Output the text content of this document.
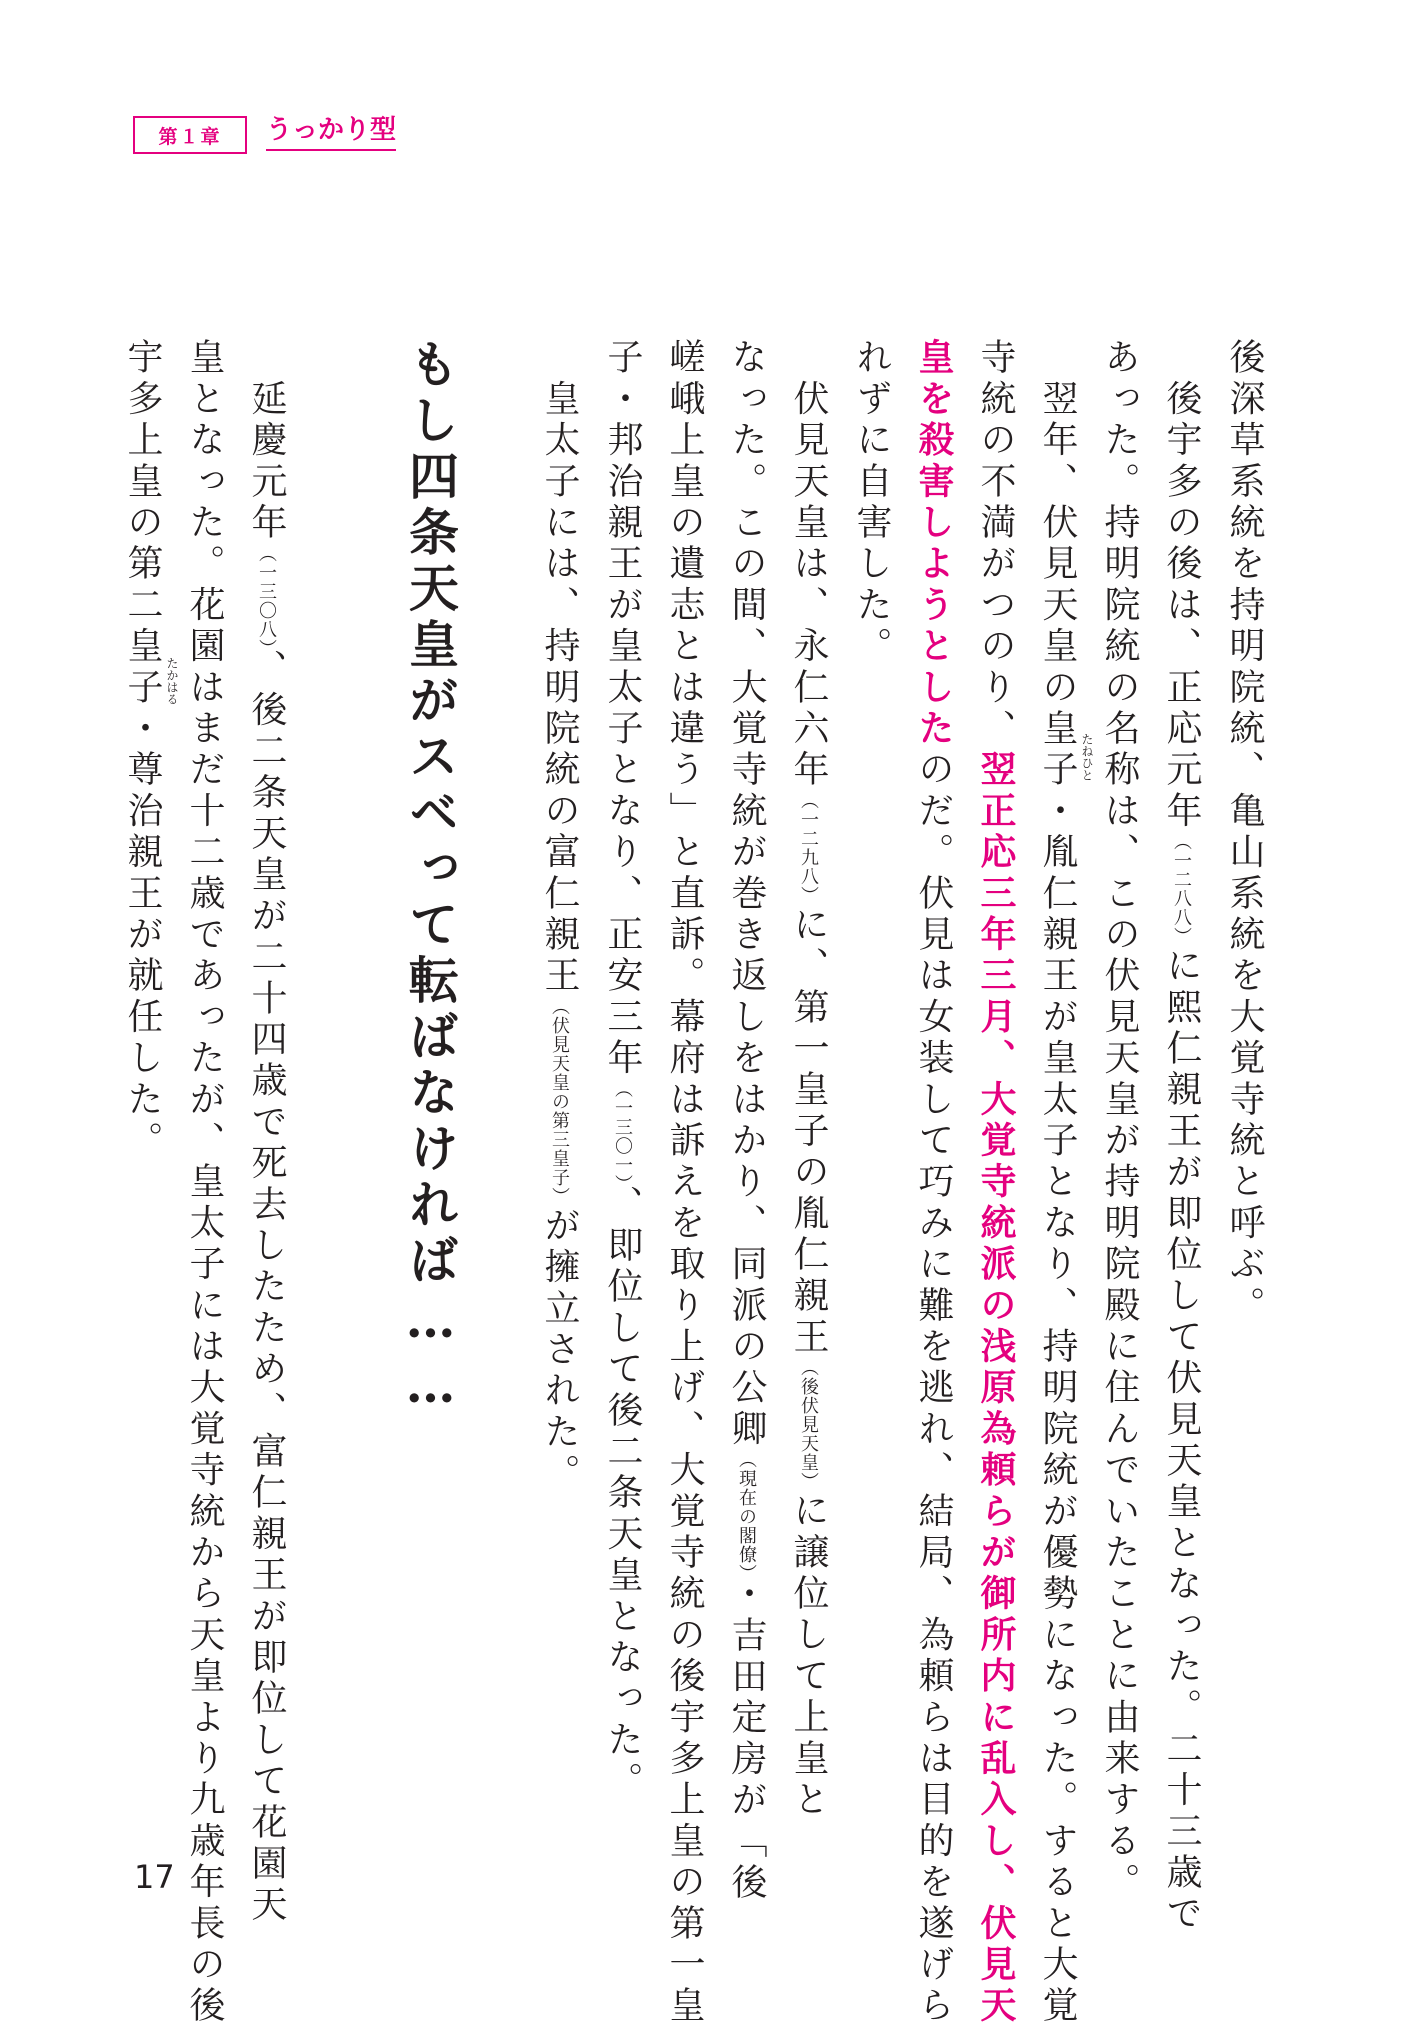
第１章	うっかり型
後深草系統を持明院統、亀山系統を大覚寺統と呼ぶ。
　後宇多の後は、正応元年（一二八八）に熙仁親王が即位して伏見天皇となった。二十三歳で
あった。持明院統の名称は、この伏見天皇が持明院殿に住んでいたことに由来する。
　翌年、伏見天皇の皇子・胤仁親王が皇太子となり、持明院統が優勢になった。すると大覚
寺統の不満がつのり、翌正応三年三月、大覚寺統派の浅原為頼らが御所内に乱入し、伏見天
皇を殺害しようとしたのだ。伏見は女装して巧みに難を逃れ、結局、為頼らは目的を遂げら
れずに自害した。
　伏見天皇は、永仁六年（一二九八）に、第一皇子の胤仁親王（後伏見天皇）に譲位して上皇と
なった。この間、大覚寺統が巻き返しをはかり、同派の公卿（現在の閣僚）・吉田定房が「後
嵯峨上皇の遺志とは違う」と直訴。幕府は訴えを取り上げ、大覚寺統の後宇多上皇の第一皇
子・邦治親王が皇太子となり、正安三年（一三〇一）、即位して後二条天皇となった。
　皇太子には、持明院統の富仁親王（伏見天皇の第三皇子）が擁立された。
もし四条天皇がスベって転ばなければ……
　延慶元年（一三〇八）、後二条天皇が二十四歳で死去したため、富仁親王が即位して花園天
皇となった。花園はまだ十二歳であったが、皇太子には大覚寺統から天皇より九歳年長の後
宇多上皇の第二皇子・尊治親王が就任した。	たねひと
たかはる
17
